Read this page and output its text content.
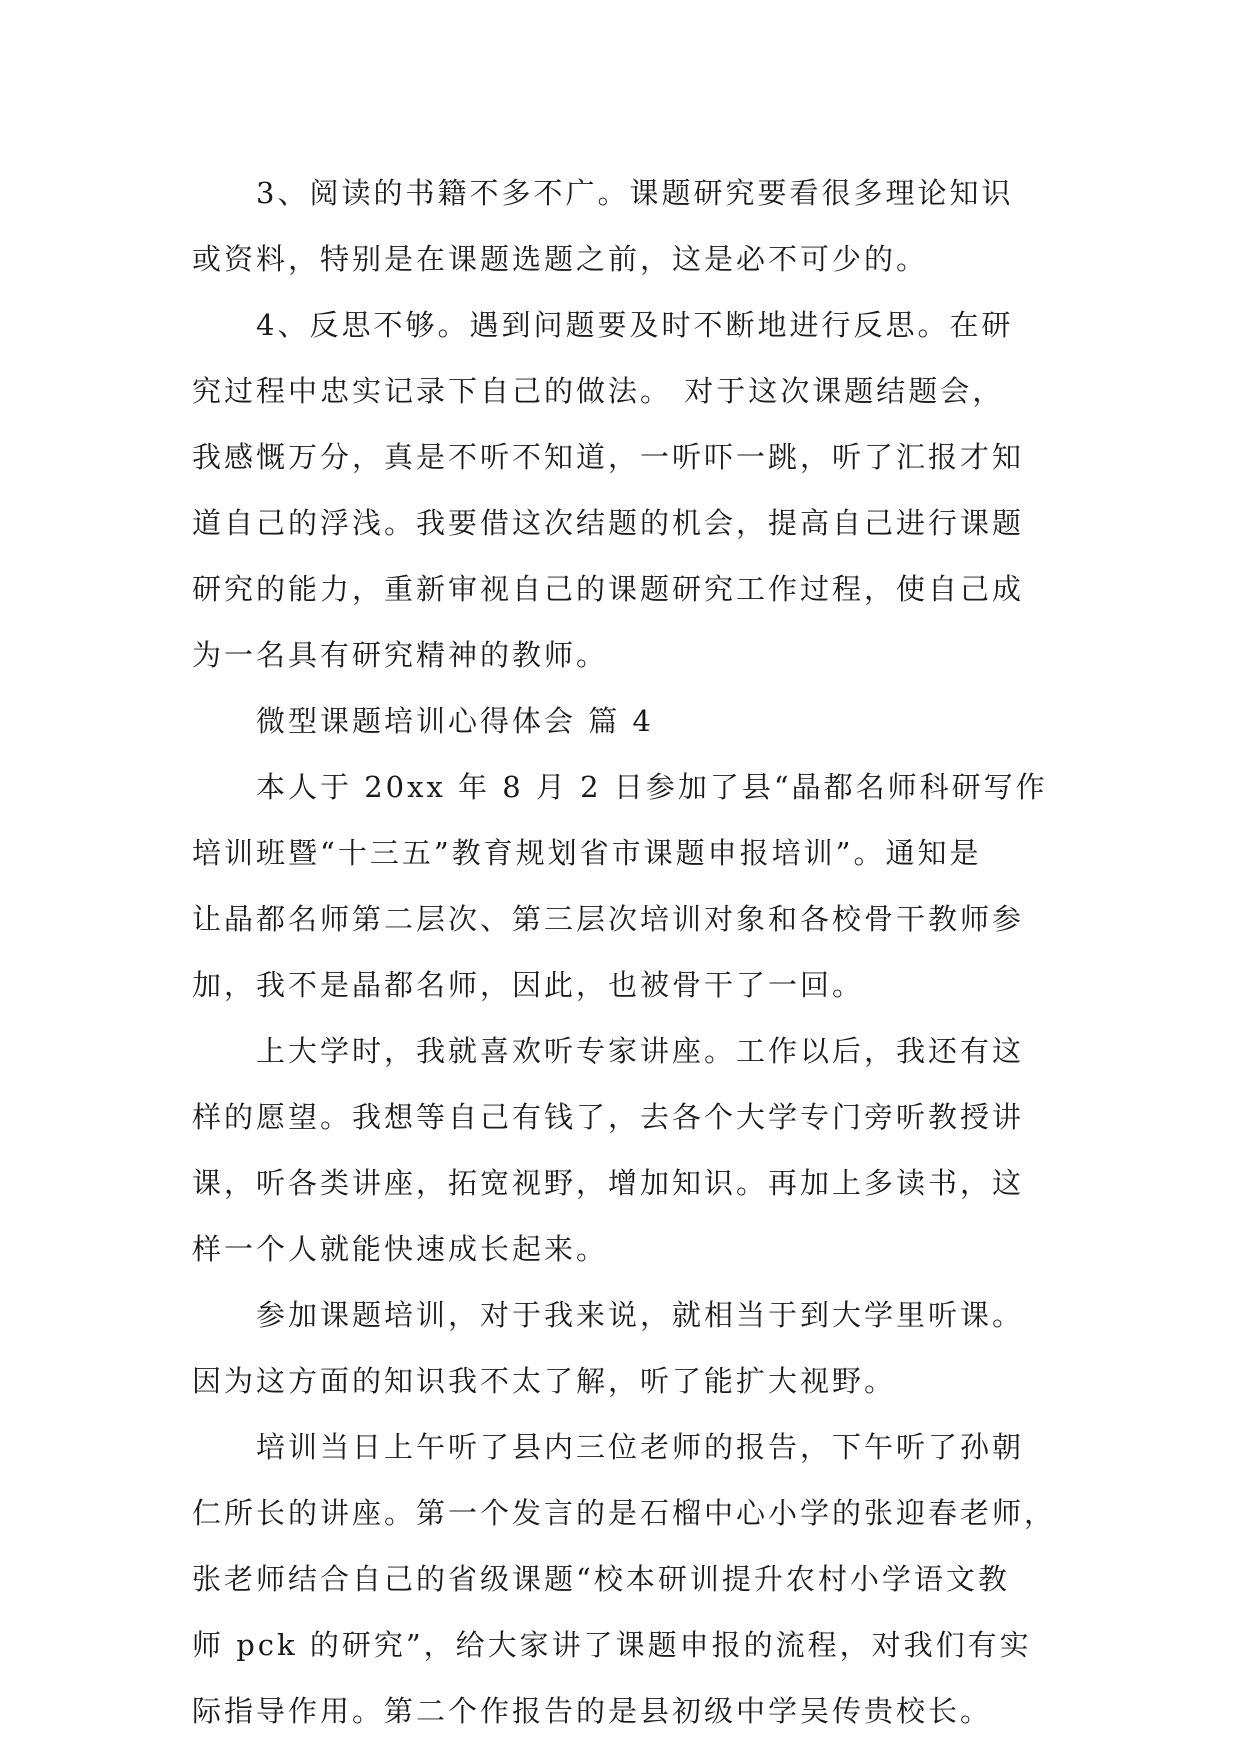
3、阅读的书籍不多不广。课题研究要看很多理论知识
或资料，特别是在课题选题之前，这是必不可少的。
4、反思不够。遇到问题要及时不断地进行反思。在研
究过程中忠实记录下自己的做法。 对于这次课题结题会，
我感慨万分，真是不听不知道，一听吓一跳，听了汇报才知
道自己的浮浅。我要借这次结题的机会，提高自己进行课题
研究的能力，重新审视自己的课题研究工作过程，使自己成
为一名具有研究精神的教师。
微型课题培训心得体会 篇 4
本人于 20xx 年 8 月 2 日参加了县“晶都名师科研写作
培训班暨“十三五”教育规划省市课题申报培训”。通知是
让晶都名师第二层次、第三层次培训对象和各校骨干教师参
加，我不是晶都名师，因此，也被骨干了一回。
上大学时，我就喜欢听专家讲座。工作以后，我还有这
样的愿望。我想等自己有钱了，去各个大学专门旁听教授讲
课，听各类讲座，拓宽视野，增加知识。再加上多读书，这
样一个人就能快速成长起来。
参加课题培训，对于我来说，就相当于到大学里听课。
因为这方面的知识我不太了解，听了能扩大视野。
培训当日上午听了县内三位老师的报告，下午听了孙朝
仁所长的讲座。第一个发言的是石榴中心小学的张迎春老师，
张老师结合自己的省级课题“校本研训提升农村小学语文教
师 pck 的研究”，给大家讲了课题申报的流程，对我们有实
际指导作用。第二个作报告的是县初级中学吴传贵校长。
